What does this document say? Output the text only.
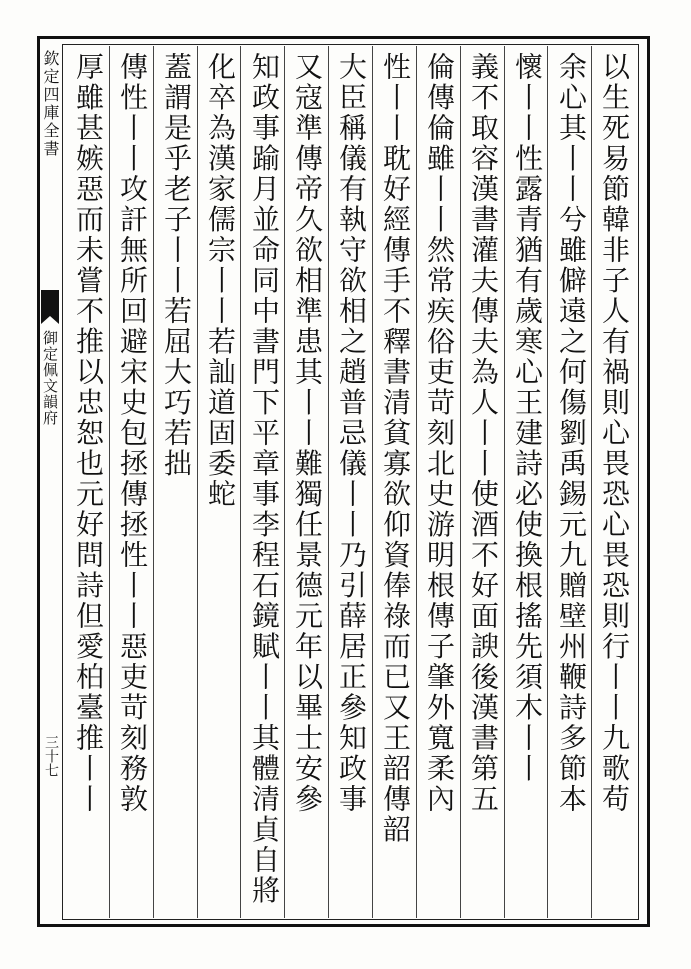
欽定四庫全書
御定佩文韻府
三十七	以生死易節韓非子人有禍則心畏恐心畏恐則行丨丨九歌苟
余心其丨丨兮雖僻遠之何傷劉禹錫元九贈壁州鞭詩多節本
懷丨丨性露青猶有歲寒心王建詩必使換根搖先須木丨丨
義不取容漢書灌夫傳夫為人丨丨使酒不好面諛後漢書第五
倫傳倫雖丨丨然常疾俗吏苛刻北史游明根傳子肇外寬柔內
性丨丨耽好經傳手不釋書清貧寡欲仰資俸祿而已又王韶傳韶
大臣稱儀有執守欲相之趙普忌儀丨丨乃引薛居正參知政事
又寇準傳帝久欲相準患其丨丨難獨任景德元年以畢士安參
知政事踰月並命同中書門下平章事李程石鏡賦丨丨其體清貞自將
化卒為漢家儒宗丨丨若訕道固委蛇
蓋謂是乎老子丨丨若屈大巧若拙
傳性丨丨攻訐無所回避宋史包拯傳拯性丨丨惡吏苛刻務敦
厚雖甚嫉惡而未嘗不推以忠恕也元好問詩但愛柏臺推丨丨
